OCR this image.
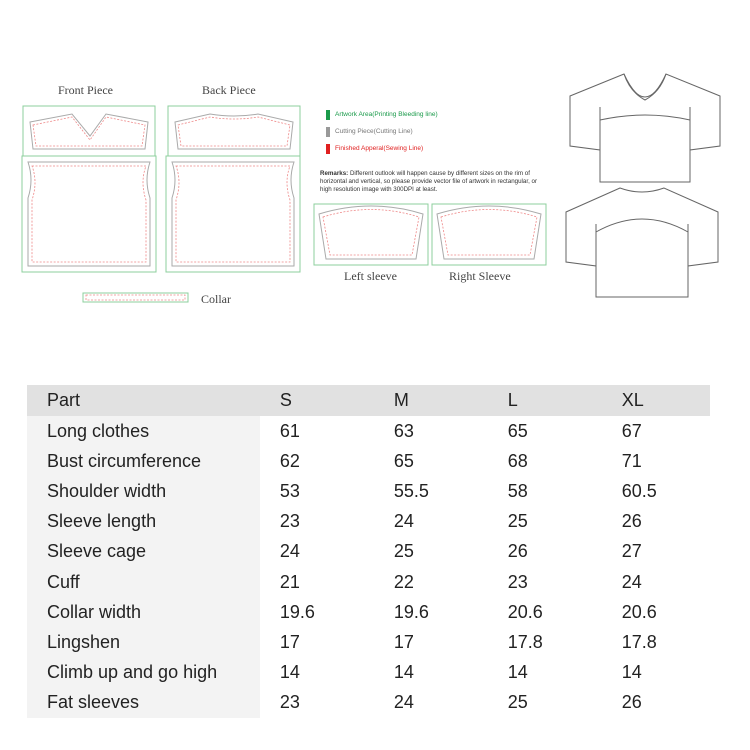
Front Piece	Back Piece
Left sleeve	Right Sleeve
Collar
Artwork Area(Printing Bleeding line)
Cutting Piece(Cutting Line)
Finished Apperal(Sewing Line)
Remarks: Different outlook will happen cause by different sizes on the rim of horizontal and vertical, so please provide vector file of artwork in rectangular, or high resolution image with 300DPI at least.
Part	S	M	L	XL
Long clothes	61	63	65	67
Bust circumference	62	65	68	71
Shoulder width	53	55.5	58	60.5
Sleeve length	23	24	25	26
Sleeve cage	24	25	26	27
Cuff	21	22	23	24
Collar width	19.6	19.6	20.6	20.6
Lingshen	17	17	17.8	17.8
Climb up and go high	14	14	14	14
Fat sleeves	23	24	25	26
